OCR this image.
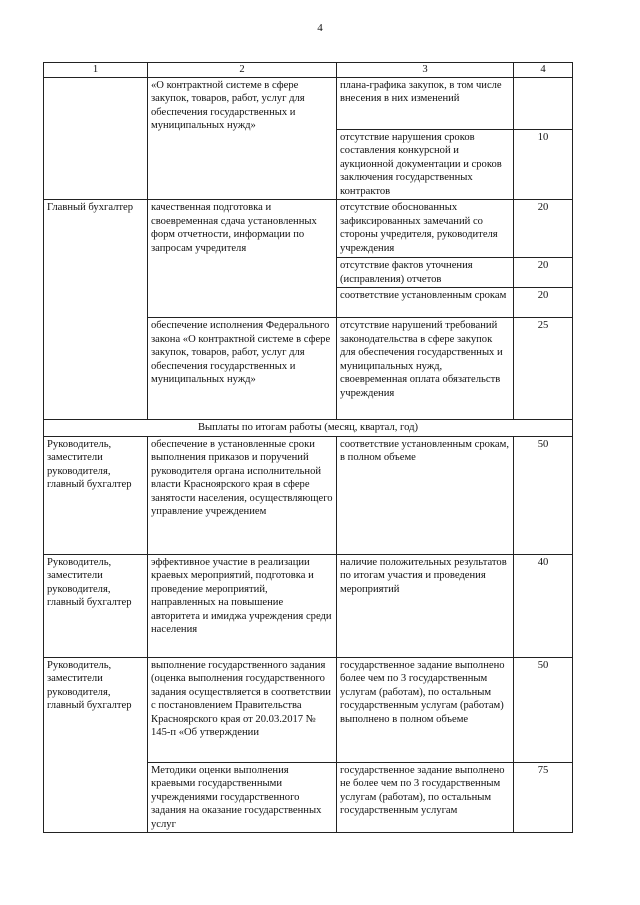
4
1	2	3	4
	«О контрактной системе в сфере закупок, товаров, работ, услуг для обеспечения государственных и муниципальных нужд»	плана-графика закупок, в том числе внесения в них изменений	
		отсутствие нарушения сроков составления конкурсной и аукционной документации и сроков заключения государственных контрактов	10
Главный бухгалтер	качественная подготовка и своевременная сдача установленных форм отчетности, информации по запросам учредителя	отсутствие обоснованных зафиксированных замечаний со стороны учредителя, руководителя учреждения	20
		отсутствие фактов уточнения (исправления) отчетов	20
		соответствие установленным срокам	20
	обеспечение исполнения Федерального закона «О контрактной системе в сфере закупок, товаров, работ, услуг для обеспечения государственных и муниципальных нужд»	отсутствие нарушений требований законодательства в сфере закупок для обеспечения государственных и муниципальных нужд, своевременная оплата обязательств учреждения	25
Выплаты по итогам работы (месяц, квартал, год)			
Руководитель, заместители руководителя, главный бухгалтер	обеспечение в установленные сроки выполнения приказов и поручений руководителя органа исполнительной власти Красноярского края в сфере занятости населения, осуществляющего управление учреждением	соответствие установленным срокам, в полном объеме	50
Руководитель, заместители руководителя, главный бухгалтер	эффективное участие в реализации краевых мероприятий, подготовка и проведение мероприятий, направленных на повышение авторитета и имиджа учреждения среди населения	наличие положительных результатов по итогам участия и проведения мероприятий	40
Руководитель, заместители руководителя, главный бухгалтер	выполнение государственного задания (оценка выполнения государственного задания осуществляется в соответствии с постановлением Правительства Красноярского края от 20.03.2017 № 145-п «Об утверждении	государственное задание выполнено более чем по 3 государственным услугам (работам), по остальным государственным услугам (работам) выполнено в полном объеме	50
	Методики оценки выполнения краевыми государственными учреждениями государственного задания на оказание государственных услуг	государственное задание выполнено не более чем по 3 государственным услугам (работам), по остальным государственным услугам	75
